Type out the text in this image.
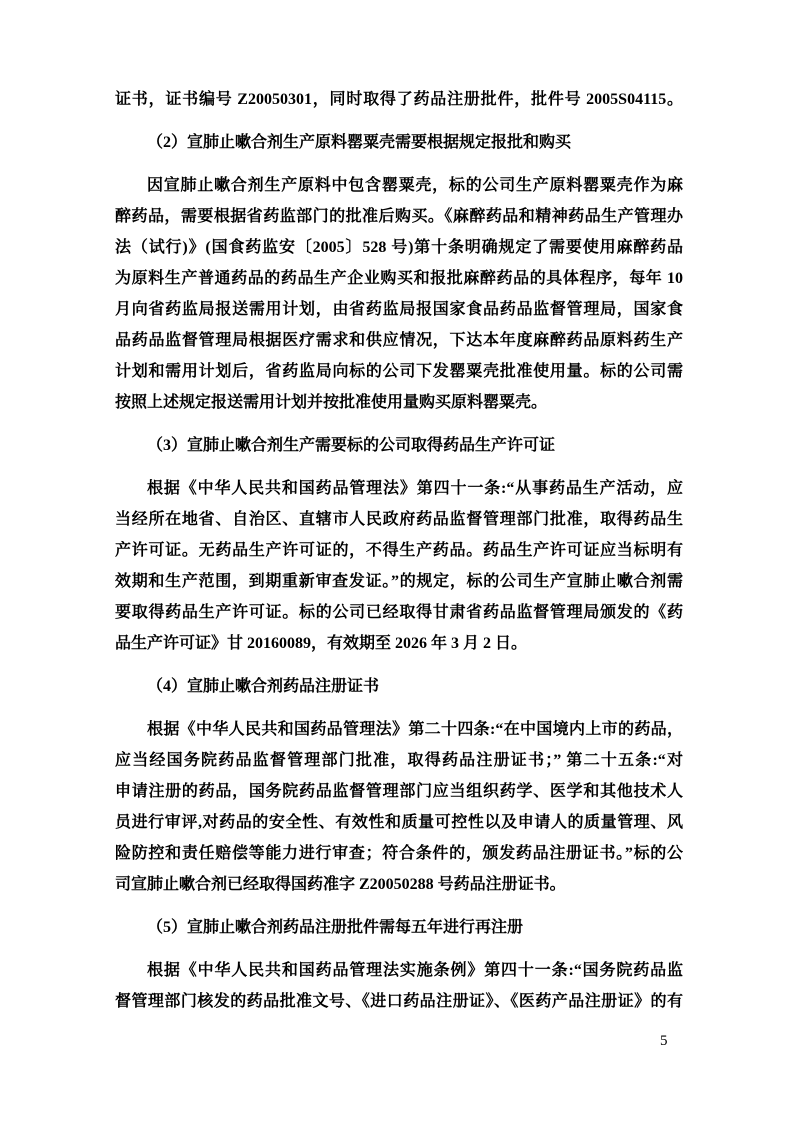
证书，证书编号 Z20050301，同时取得了药品注册批件，批件号 2005S04115。
（2）宣肺止嗽合剂生产原料罂粟壳需要根据规定报批和购买
因宣肺止嗽合剂生产原料中包含罂粟壳，标的公司生产原料罂粟壳作为麻
醉药品，需要根据省药监部门的批准后购买。《麻醉药品和精神药品生产管理办
法（试行)》(国食药监安〔2005〕528 号)第十条明确规定了需要使用麻醉药品
为原料生产普通药品的药品生产企业购买和报批麻醉药品的具体程序，每年 10
月向省药监局报送需用计划，由省药监局报国家食品药品监督管理局，国家食
品药品监督管理局根据医疗需求和供应情况，下达本年度麻醉药品原料药生产
计划和需用计划后，省药监局向标的公司下发罂粟壳批准使用量。标的公司需
按照上述规定报送需用计划并按批准使用量购买原料罂粟壳。
（3）宣肺止嗽合剂生产需要标的公司取得药品生产许可证
根据《中华人民共和国药品管理法》第四十一条:“从事药品生产活动，应
当经所在地省、自治区、直辖市人民政府药品监督管理部门批准，取得药品生
产许可证。无药品生产许可证的，不得生产药品。药品生产许可证应当标明有
效期和生产范围，到期重新审查发证。”的规定，标的公司生产宣肺止嗽合剂需
要取得药品生产许可证。标的公司已经取得甘肃省药品监督管理局颁发的《药
品生产许可证》甘 20160089，有效期至 2026 年 3 月 2 日。
（4）宣肺止嗽合剂药品注册证书
根据《中华人民共和国药品管理法》第二十四条:“在中国境内上市的药品，
应当经国务院药品监督管理部门批准，取得药品注册证书；” 第二十五条:“对
申请注册的药品，国务院药品监督管理部门应当组织药学、医学和其他技术人
员进行审评,对药品的安全性、有效性和质量可控性以及申请人的质量管理、风
险防控和责任赔偿等能力进行审查；符合条件的，颁发药品注册证书。”标的公
司宣肺止嗽合剂已经取得国药准字 Z20050288 号药品注册证书。
（5）宣肺止嗽合剂药品注册批件需每五年进行再注册
根据《中华人民共和国药品管理法实施条例》第四十一条:“国务院药品监
督管理部门核发的药品批准文号、《进口药品注册证》、《医药产品注册证》的有
5
